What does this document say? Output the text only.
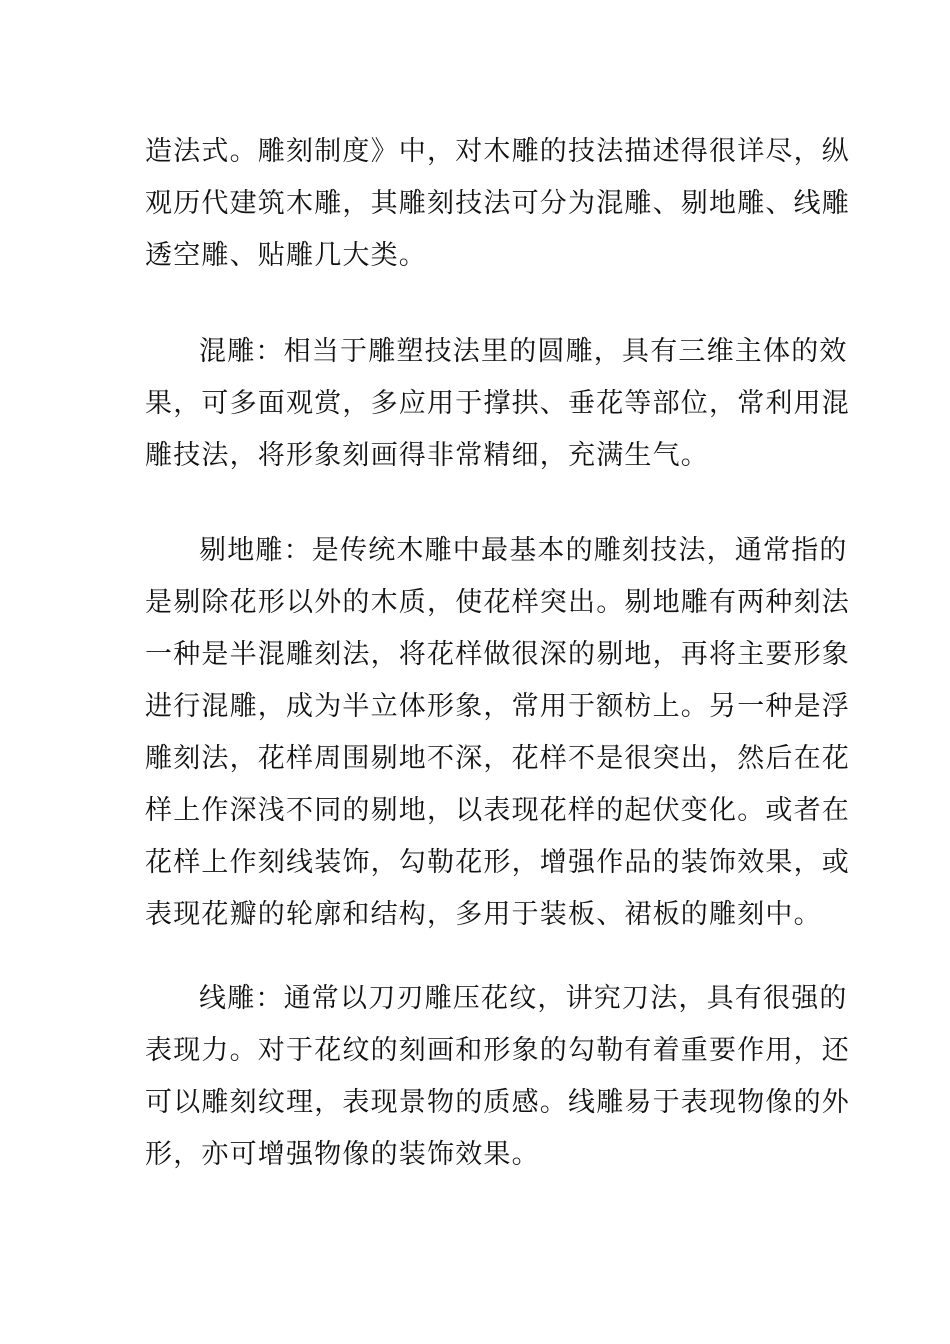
造法式。雕刻制度》中，对木雕的技法描述得很详尽，纵
观历代建筑木雕，其雕刻技法可分为混雕、剔地雕、线雕
透空雕、贴雕几大类。

混雕：相当于雕塑技法里的圆雕，具有三维主体的效
果，可多面观赏，多应用于撑拱、垂花等部位，常利用混
雕技法，将形象刻画得非常精细，充满生气。

剔地雕：是传统木雕中最基本的雕刻技法，通常指的
是剔除花形以外的木质，使花样突出。剔地雕有两种刻法
一种是半混雕刻法，将花样做很深的剔地，再将主要形象
进行混雕，成为半立体形象，常用于额枋上。另一种是浮
雕刻法，花样周围剔地不深，花样不是很突出，然后在花
样上作深浅不同的剔地，以表现花样的起伏变化。或者在
花样上作刻线装饰，勾勒花形，增强作品的装饰效果，或
表现花瓣的轮廓和结构，多用于装板、裙板的雕刻中。

线雕：通常以刀刃雕压花纹，讲究刀法，具有很强的
表现力。对于花纹的刻画和形象的勾勒有着重要作用，还
可以雕刻纹理，表现景物的质感。线雕易于表现物像的外
形，亦可增强物像的装饰效果。
